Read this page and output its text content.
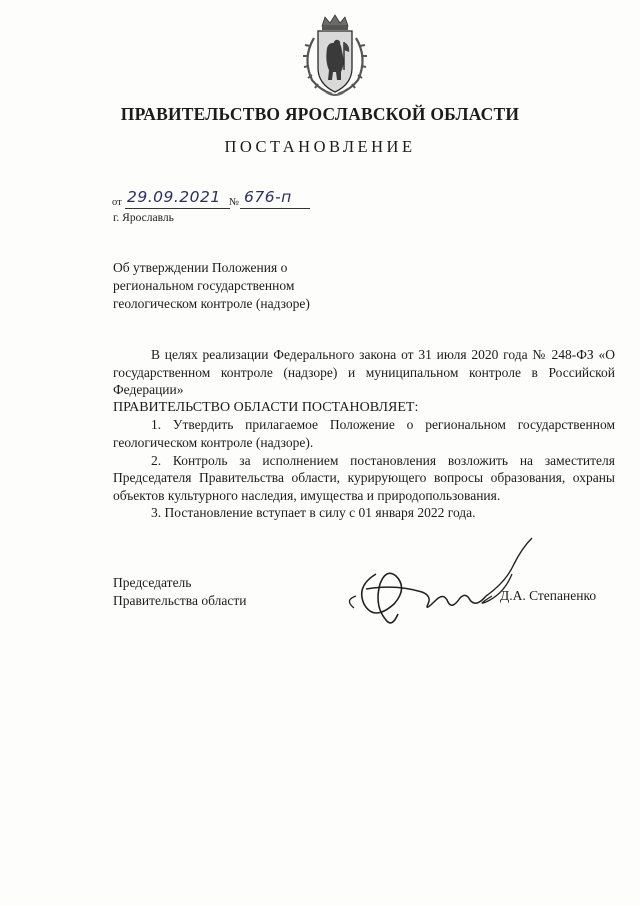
ПРАВИТЕЛЬСТВО ЯРОСЛАВСКОЙ ОБЛАСТИ
ПОСТАНОВЛЕНИЕ
от 29.09.2021 № 676-п
г. Ярославль
Об утверждении Положения о
региональном государственном
геологическом контроле (надзоре)

В целях реализации Федерального закона от 31 июля 2020 года № 248-ФЗ «О государственном контроле (надзоре) и муниципальном контроле в Российской Федерации»

ПРАВИТЕЛЬСТВО ОБЛАСТИ ПОСТАНОВЛЯЕТ:

1. Утвердить прилагаемое Положение о региональном государственном геологическом контроле (надзоре).

2. Контроль за исполнением постановления возложить на заместителя Председателя Правительства области, курирующего вопросы образования, охраны объектов культурного наследия, имущества и природопользования.

3. Постановление вступает в силу с 01 января 2022 года.

Председатель
Правительства области	Д.А. Степаненко
